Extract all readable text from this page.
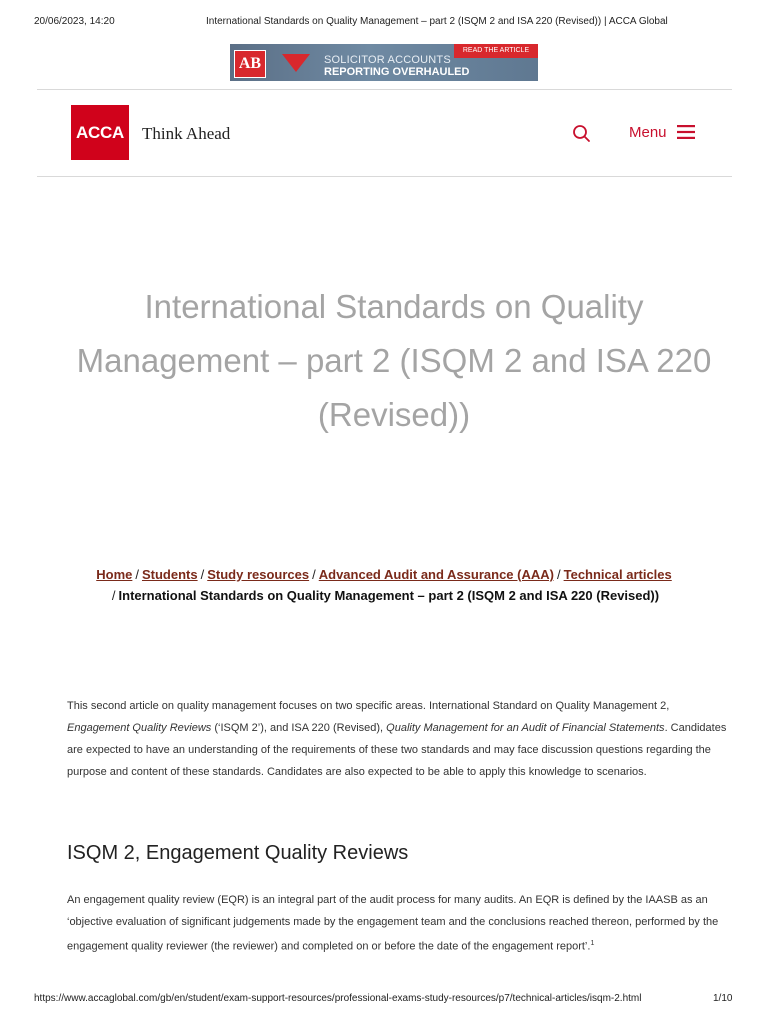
20/06/2023, 14:20	International Standards on Quality Management – part 2 (ISQM 2 and ISA 220 (Revised)) | ACCA Global
AB
READ THE ARTICLE
SOLICITOR ACCOUNTS
REPORTING OVERHAULED
ACCA Think Ahead	Menu
International Standards on Quality Management – part 2 (ISQM 2 and ISA 220 (Revised))
Home / Students / Study resources / Advanced Audit and Assurance (AAA) / Technical articles
/ International Standards on Quality Management – part 2 (ISQM 2 and ISA 220 (Revised))

This second article on quality management focuses on two specific areas. International Standard on Quality Management 2, Engagement Quality Reviews (‘ISQM 2’), and ISA 220 (Revised), Quality Management for an Audit of Financial Statements. Candidates are expected to have an understanding of the requirements of these two standards and may face discussion questions regarding the purpose and content of these standards. Candidates are also expected to be able to apply this knowledge to scenarios.

ISQM 2, Engagement Quality Reviews

An engagement quality review (EQR) is an integral part of the audit process for many audits. An EQR is defined by the IAASB as an ‘objective evaluation of significant judgements made by the engagement team and the conclusions reached thereon, performed by the engagement quality reviewer (the reviewer) and completed on or before the date of the engagement report’.$^1$

https://www.accaglobal.com/gb/en/student/exam-support-resources/professional-exams-study-resources/p7/technical-articles/isqm-2.html	1/10
